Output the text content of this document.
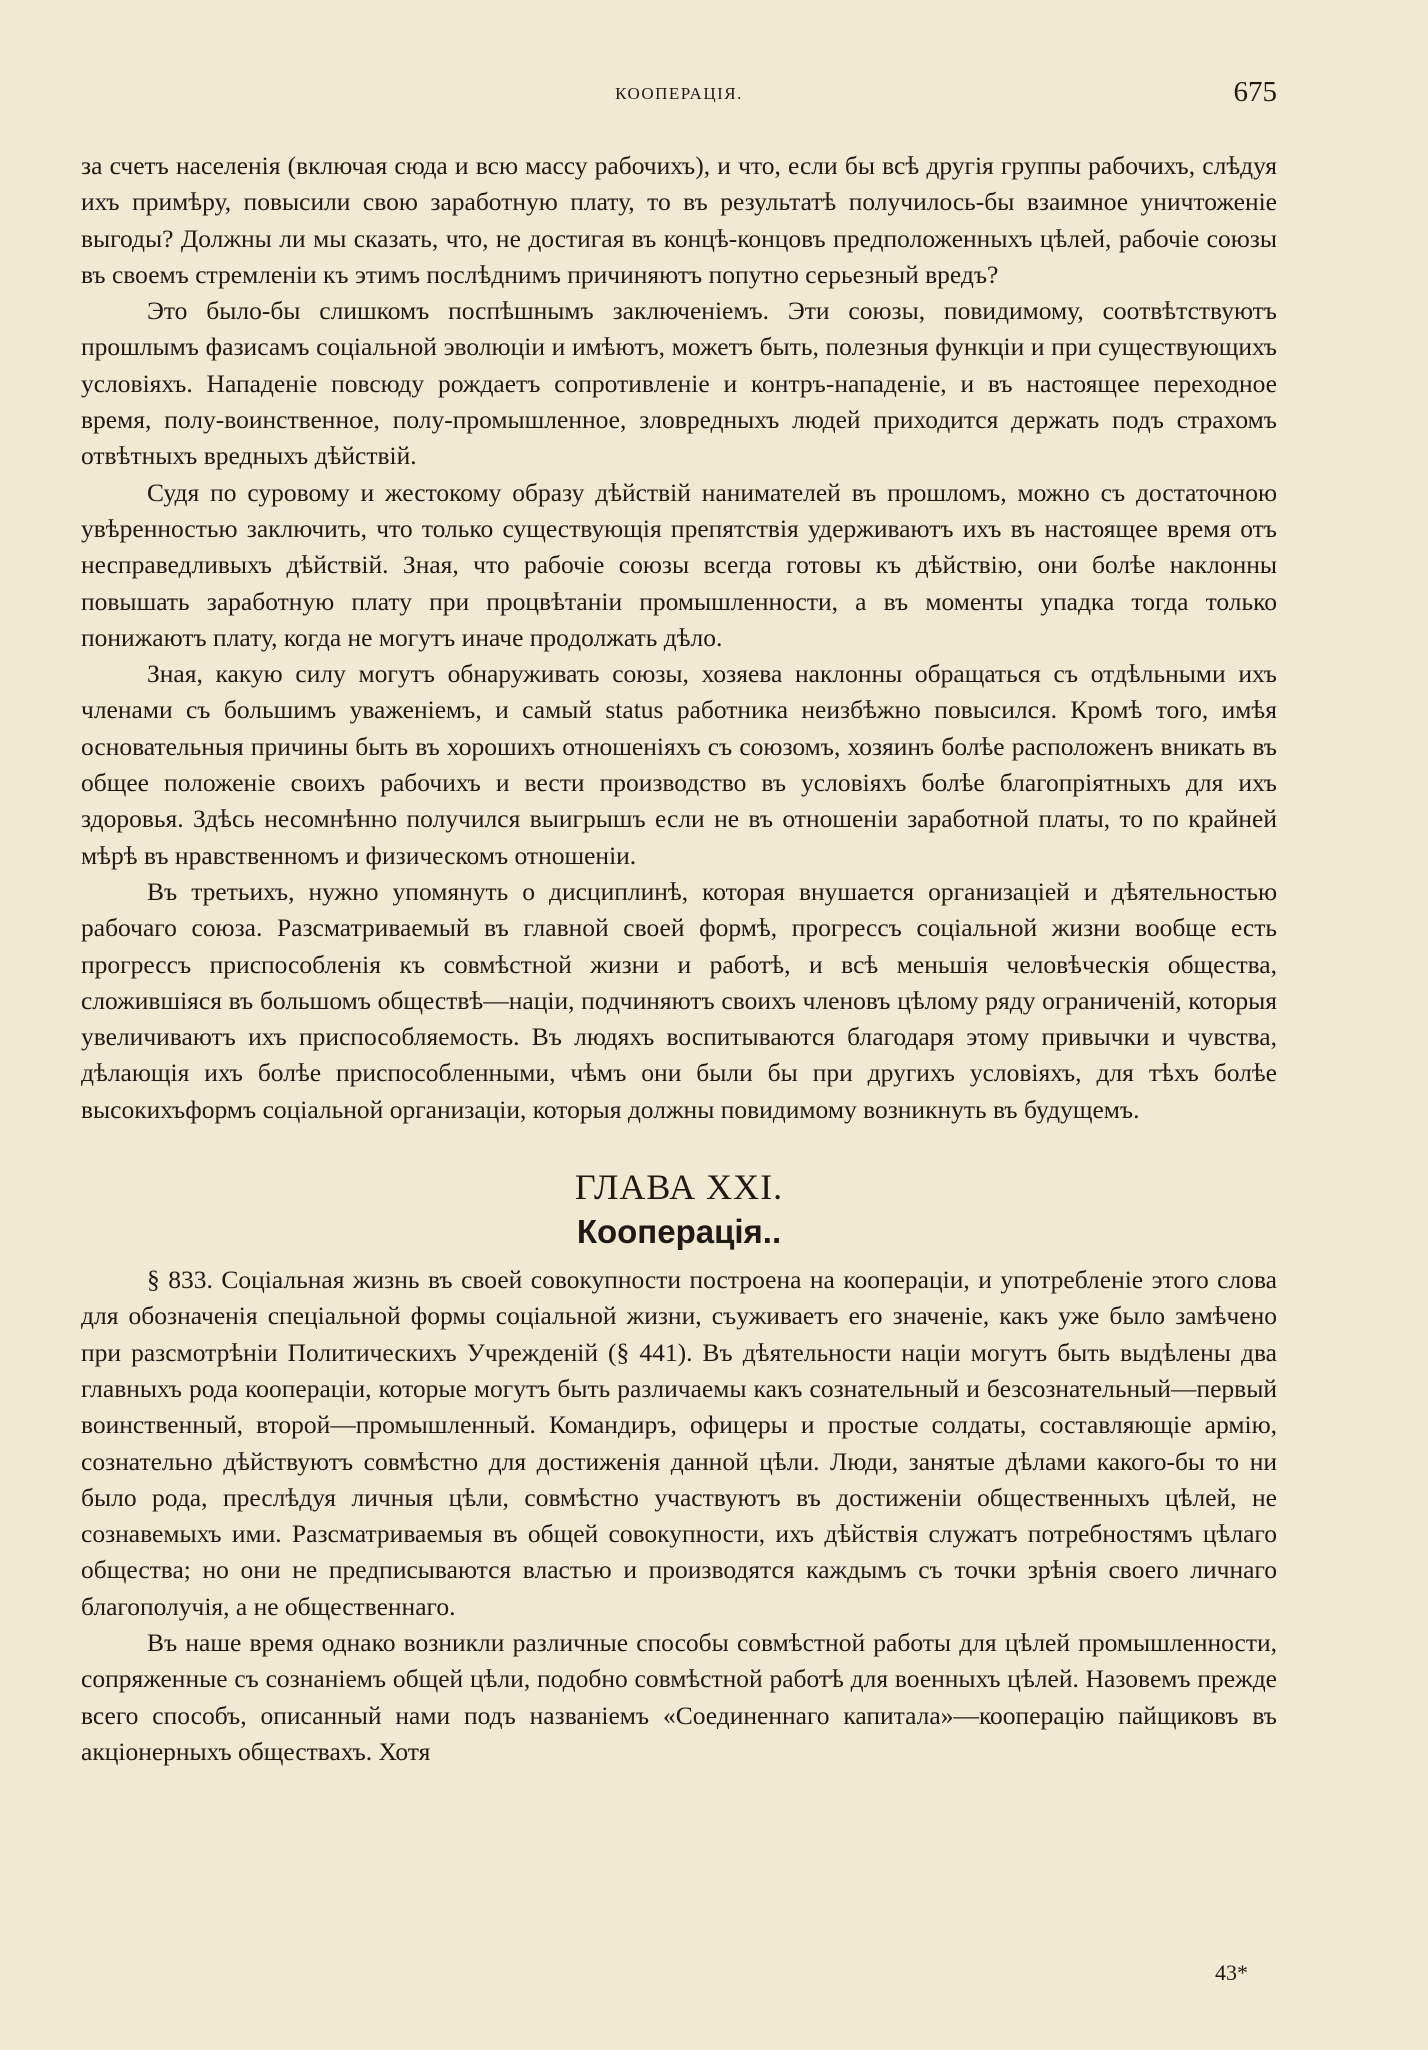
КООПЕРАЦІЯ.	675

за счетъ населенія (включая сюда и всю массу рабочихъ), и что, если бы всѣ другія группы рабочихъ, слѣдуя ихъ примѣру, повысили свою заработную плату, то въ результатѣ получилось-бы взаимное уничтоженіе выгоды? Должны ли мы сказать, что, не достигая въ концѣ-концовъ предположенныхъ цѣлей, рабочіе союзы въ своемъ стремленіи къ этимъ послѣднимъ причиняютъ попутно серьезный вредъ?

Это было-бы слишкомъ поспѣшнымъ заключеніемъ. Эти союзы, повидимому, соотвѣтствуютъ прошлымъ фазисамъ соціальной эволюціи и имѣютъ, можетъ быть, полезныя функціи и при существующихъ условіяхъ. Нападеніе повсюду рождаетъ сопротивленіе и контръ-нападеніе, и въ настоящее переходное время, полу-воинственное, полу-промышленное, зловредныхъ людей приходится держать подъ страхомъ отвѣтныхъ вредныхъ дѣйствій.

Судя по суровому и жестокому образу дѣйствій нанимателей въ прошломъ, можно съ достаточною увѣренностью заключить, что только существующія препятствія удерживаютъ ихъ въ настоящее время отъ несправедливыхъ дѣйствій. Зная, что рабочіе союзы всегда готовы къ дѣйствію, они болѣе наклонны повышать заработную плату при процвѣтаніи промышленности, а въ моменты упадка тогда только понижаютъ плату, когда не могутъ иначе продолжать дѣло.

Зная, какую силу могутъ обнаруживать союзы, хозяева наклонны обращаться съ отдѣльными ихъ членами съ большимъ уваженіемъ, и самый status работника неизбѣжно повысился. Кромѣ того, имѣя основательныя причины быть въ хорошихъ отношеніяхъ съ союзомъ, хозяинъ болѣе расположенъ вникать въ общее положеніе своихъ рабочихъ и вести производство въ условіяхъ болѣе благопріятныхъ для ихъ здоровья. Здѣсь несомнѣнно получился выигрышъ если не въ отношеніи заработной платы, то по крайней мѣрѣ въ нравственномъ и физическомъ отношеніи.

Въ третьихъ, нужно упомянуть о дисциплинѣ, которая внушается организаціей и дѣятельностью рабочаго союза. Разсматриваемый въ главной своей формѣ, прогрессъ соціальной жизни вообще есть прогрессъ приспособленія къ совмѣстной жизни и работѣ, и всѣ меньшія человѣческія общества, сложившіяся въ большомъ обществѣ—націи, подчиняютъ своихъ членовъ цѣлому ряду ограниченій, которыя увеличиваютъ ихъ приспособляемость. Въ людяхъ воспитываются благодаря этому привычки и чувства, дѣлающія ихъ болѣе приспособленными, чѣмъ они были бы при другихъ условіяхъ, для тѣхъ болѣе высокихъформъ соціальной организаціи, которыя должны повидимому возникнуть въ будущемъ.

ГЛАВА XXI.
Кооперація..

§ 833. Соціальная жизнь въ своей совокупности построена на коопераціи, и употребленіе этого слова для обозначенія спеціальной формы соціальной жизни, съуживаетъ его значеніе, какъ уже было замѣчено при разсмотрѣніи Политическихъ Учрежденій (§ 441). Въ дѣятельности націи могутъ быть выдѣлены два главныхъ рода коопераціи, которые могутъ быть различаемы какъ сознательный и безсознательный—первый воинственный, второй—промышленный. Командиръ, офицеры и простые солдаты, составляющіе армію, сознательно дѣйствуютъ совмѣстно для достиженія данной цѣли. Люди, занятые дѣлами какого-бы то ни было рода, преслѣдуя личныя цѣли, совмѣстно участвуютъ въ достиженіи общественныхъ цѣлей, не сознавемыхъ ими. Разсматриваемыя въ общей совокупности, ихъ дѣйствія служатъ потребностямъ цѣлаго общества; но они не предписываются властью и производятся каждымъ съ точки зрѣнія своего личнаго благополучія, а не общественнаго.

Въ наше время однако возникли различные способы совмѣстной работы для цѣлей промышленности, сопряженные съ сознаніемъ общей цѣли, подобно совмѣстной работѣ для военныхъ цѣлей. Назовемъ прежде всего способъ, описанный нами подъ названіемъ «Соединеннаго капитала»—кооперацію пайщиковъ въ акціонерныхъ обществахъ. Хотя

43*
